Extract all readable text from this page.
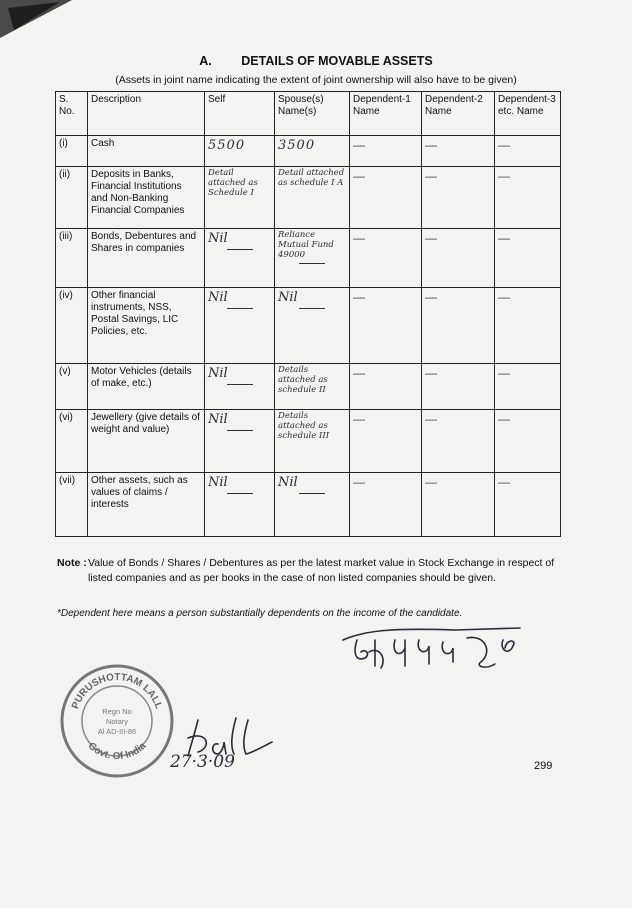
A. DETAILS OF MOVABLE ASSETS
(Assets in joint name indicating the extent of joint ownership will also have to be given)
S. No.	Description	Self	Spouse(s) Name(s)	Dependent-1 Name	Dependent-2 Name	Dependent-3 etc. Name
(i)	Cash	5500	3500	—	—	—
(ii)	Deposits in Banks, Financial Institutions and Non-Banking Financial Companies	Detail attached as Schedule I	Detail attached as schedule I A	—	—	—
(iii)	Bonds, Debentures and Shares in companies	Nil	Reliance Mutual Fund 49000	—	—	—
(iv)	Other financial instruments, NSS, Postal Savings, LIC Policies, etc.	Nil	Nil	—	—	—
(v)	Motor Vehicles (details of make, etc.)	Nil	Details attached as schedule II	—	—	—
(vi)	Jewellery (give details of weight and value)	Nil	Details attached as schedule III	—	—	—
(vii)	Other assets, such as values of claims / interests	Nil	Nil	—	—	—
Note : Value of Bonds / Shares / Debentures as per the latest market value in Stock Exchange in respect of listed companies and as per books in the case of non listed companies should be given.
*Dependent here means a person substantially dependents on the income of the candidate.
PURUSHOTTAM LALL
Govt. Of India
Regn No
Notary
Al AD-III-86
27·3·09	299
